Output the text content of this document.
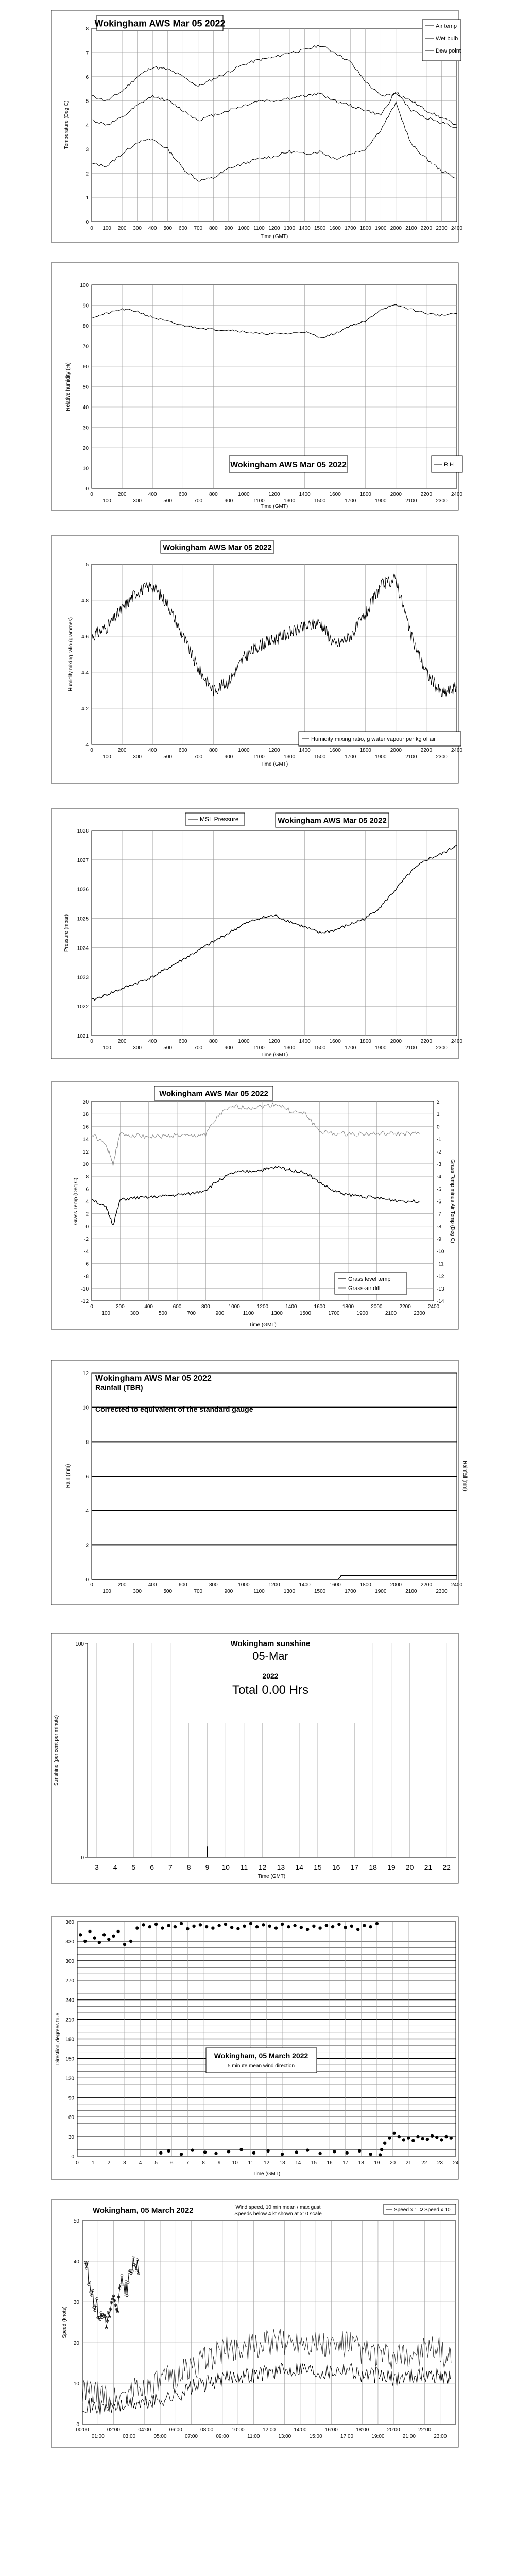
0
1
2
3
4
5
6
7
8
0 100 200 300 400 500 600 700 800 900 1000 1100 1200 1300 1400 1500 1600 1700 1800 1900 2000 2100 2200 2300 2400
Time (GMT)
Temperature (Deg C)
Wokingham AWS Mar 05 2022	Air temp
Wet bulb
Dew point
0
10
20
30
40
50
60
70
80
90
100
0	200	400	600	800	1000	1200	1400	1600	1800	2000	2200	2400
100	300	500	700	900	1100	1300	1500	1700	1900	2100	2300
Time (GMT)
Relative humidity (%)
Wokingham AWS Mar 05 2022	R.H
4
4.2
4.4
4.6
4.8
5
0	200	400	600	800	1000	1200	1400	1600	1800	2000	2200	2400
100	300	500	700	900	1100	1300	1500	1700	1900	2100	2300
Time (GMT)
Humidity mixing ratio (grammes)
Wokingham AWS Mar 05 2022
Humidity mixing ratio, g water vapour per kg of air
1021
1022
1023
1024
1025
1026
1027
1028
0	200	400	600	800	1000	1200	1400	1600	1800	2000	2200	2400
100	300	500	700	900	1100	1300	1500	1700	1900	2100	2300
Time (GMT)
Pressure (mbar)
MSL Pressure	Wokingham AWS Mar 05 2022
-12
-10
-8
-6
-4
-2
0
2
4
6
8
10
12
14
16
18
20
-14
-13
-12
-11
-10
-9
-8
-7
-6
-5
-4
-3
-2
-1
0
1
2
0	200	400	600	800	1000	1200	1400	1600	1800	2000	2200	2400
100	300	500	700	900	1100	1300	1500	1700	1900	2100	2300
Time (GMT)
Grass Temp (Deg C)	Grass Temp minus Air Temp (Deg C)
Wokingham AWS Mar 05 2022
Grass level temp
Grass-air diff
0
2
4
6
8
10
12
0	200	400	600	800	1000	1200	1400	1600	1800	2000	2200	2400
100	300	500	700	900	1100	1300	1500	1700	1900	2100	2300
Rain (mm)	Rainfall (mm)
Wokingham AWS Mar 05 2022
Rainfall (TBR)
Corrected to equivalent of the standard gauge
0
100
3 4 5 6 7 8 9 10 11 12 13 14 15 16 17 18 19 20 21 22
Time (GMT)
Sunshine (per cent per minute)
Wokingham sunshine
05-Mar
2022
Total 0.00 Hrs
0
30
60
90
120
150
180
210
240
270
300
330
360
0	1	2	3	4	5	6	7	8	9 10 11 12 13 14 15 16 17 18 19 20 21 22 23 24
Time (GMT)
Direction, degrees true	Wokingham, 05 March 2022
5 minute mean wind direction
0
10
20
30
40
50
00:00	02:00	04:00	06:00	08:00	10:00	12:00	14:00	16:00	18:00	20:00	22:00
01:00	03:00	05:00	07:00	09:00	11:00	13:00	15:00	17:00	19:00	21:00	23:00
Speed (knots)
Wokingham, 05 March 2022	Wind speed, 10 min mean / max gust
Speeds below 4 kt shown at x10 scale
Speed x 1 Speed x 10
